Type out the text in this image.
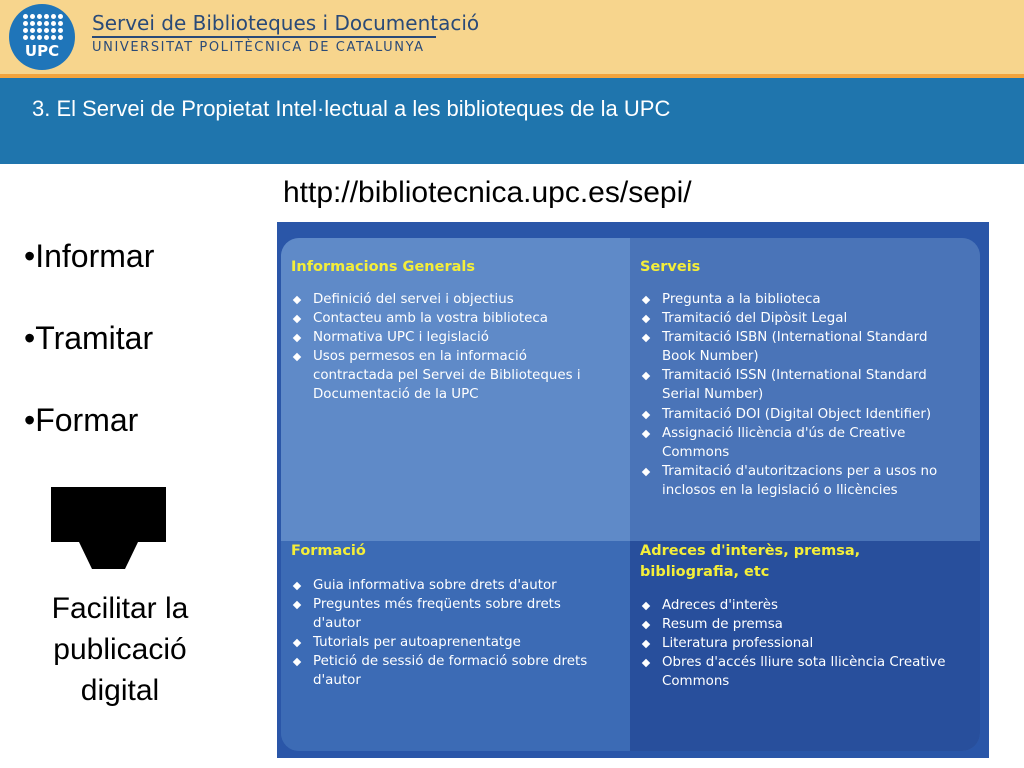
UPC
Servei de Biblioteques i Documentació
UNIVERSITAT POLITÈCNICA DE CATALUNYA
3. El Servei de Propietat Intel·lectual a les biblioteques de la UPC
http://bibliotecnica.upc.es/sepi/
•Informar
•Tramitar
•Formar
Facilitar la
publicació
digital
Informacions Generals
Definició del servei i objectius
Contacteu amb la vostra biblioteca
Normativa UPC i legislació
Usos permesos en la informació
contractada pel Servei de Biblioteques i
Documentació de la UPC
Serveis
Pregunta a la biblioteca
Tramitació del Dipòsit Legal
Tramitació ISBN (International Standard
Book Number)
Tramitació ISSN (International Standard
Serial Number)
Tramitació DOI (Digital Object Identifier)
Assignació llicència d'ús de Creative
Commons
Tramitació d'autoritzacions per a usos no
inclosos en la legislació o llicències
Formació
Guia informativa sobre drets d'autor
Preguntes més freqüents sobre drets
d'autor
Tutorials per autoaprenentatge
Petició de sessió de formació sobre drets
d'autor
Adreces d'interès, premsa,
bibliografia, etc
Adreces d'interès
Resum de premsa
Literatura professional
Obres d'accés lliure sota llicència Creative
Commons
